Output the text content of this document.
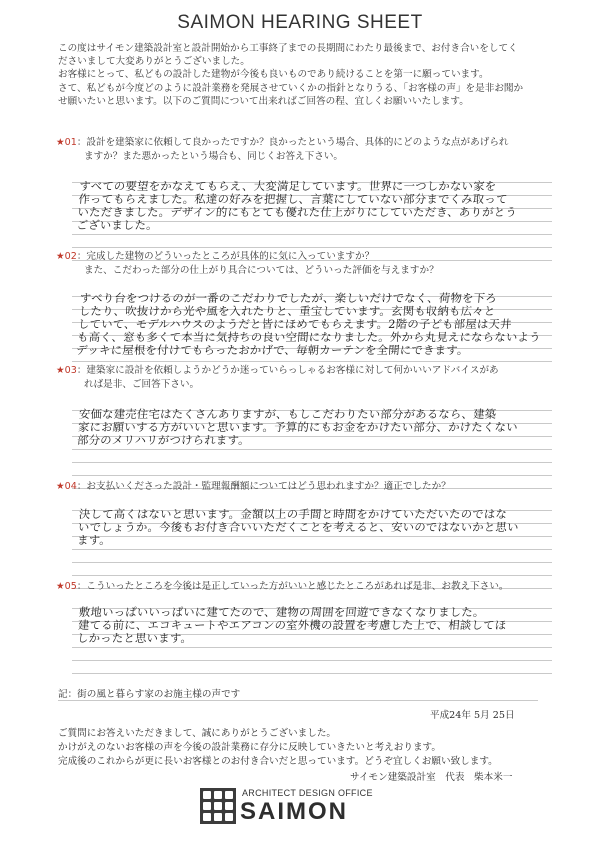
SAIMON HEARING SHEET
この度はサイモン建築設計室と設計開始から工事終了までの長期間にわたり最後まで、お付き合いをしてく
ださいまして大変ありがとうございました。
お客様にとって、私どもの設計した建物が今後も良いものであり続けることを第一に願っています。
さて、私どもが今度どのように設計業務を発展させていくかの指針となりうる、「お客様の声」を是非お聞か
せ願いたいと思います。以下のご質問について出来ればご回答の程、宜しくお願いいたします。
★01：設計を建築家に依頼して良かったですか？良かったという場合、具体的にどのような点があげられ
ますか？また悪かったという場合も、同じくお答え下さい。
すべての要望をかなえてもらえ、大変満足しています。世界に一つしかない家を
作ってもらえました。私達の好みを把握し、言葉にしていない部分までくみ取って
いただきました。デザイン的にもとても優れた仕上がりにしていただき、ありがとう
ございました。
★02：完成した建物のどういったところが具体的に気に入っていますか？
また、こだわった部分の仕上がり具合については、どういった評価を与えますか？
すべり台をつけるのが一番のこだわりでしたが、楽しいだけでなく、荷物を下ろ
したり、吹抜けから光や風を入れたりと、重宝しています。玄関も収納も広々と
していて、モデルハウスのようだと皆にほめてもらえます。2階の子ども部屋は天井
も高く、窓も多くて本当に気持ちの良い空間になりました。外から丸見えにならないよう
デッキに屋根を付けてもらったおかげで、毎朝カーテンを全開にできます。
★03：建築家に設計を依頼しようかどうか迷っていらっしゃるお客様に対して何かいいアドバイスがあ
れば是非、ご回答下さい。
安価な建売住宅はたくさんありますが、もしこだわりたい部分があるなら、建築
家にお願いする方がいいと思います。予算的にもお金をかけたい部分、かけたくない
部分のメリハリがつけられます。
★04：お支払いくださった設計・監理報酬額についてはどう思われますか？適正でしたか？
決して高くはないと思います。金額以上の手間と時間をかけていただいたのではな
いでしょうか。今後もお付き合いいただくことを考えると、安いのではないかと思い
ます。
★05：こういったところを今後は是正していった方がいいと感じたところがあれば是非、お教え下さい。
敷地いっぱいいっぱいに建てたので、建物の周囲を回遊できなくなりました。
建てる前に、エコキュートやエアコンの室外機の設置を考慮した上で、相談してほ
しかったと思います。
記：街の風と暮らす家のお施主様の声です
平成24年 5月 25日
ご質問にお答えいただきまして、誠にありがとうございました。
かけがえのないお客様の声を今後の設計業務に存分に反映していきたいと考えおります。
完成後のこれからが更に長いお客様とのお付き合いだと思っています。どうぞ宜しくお願い致します。
サイモン建築設計室　代表　柴本米一
ARCHITECT DESIGN OFFICE
SAIMON
